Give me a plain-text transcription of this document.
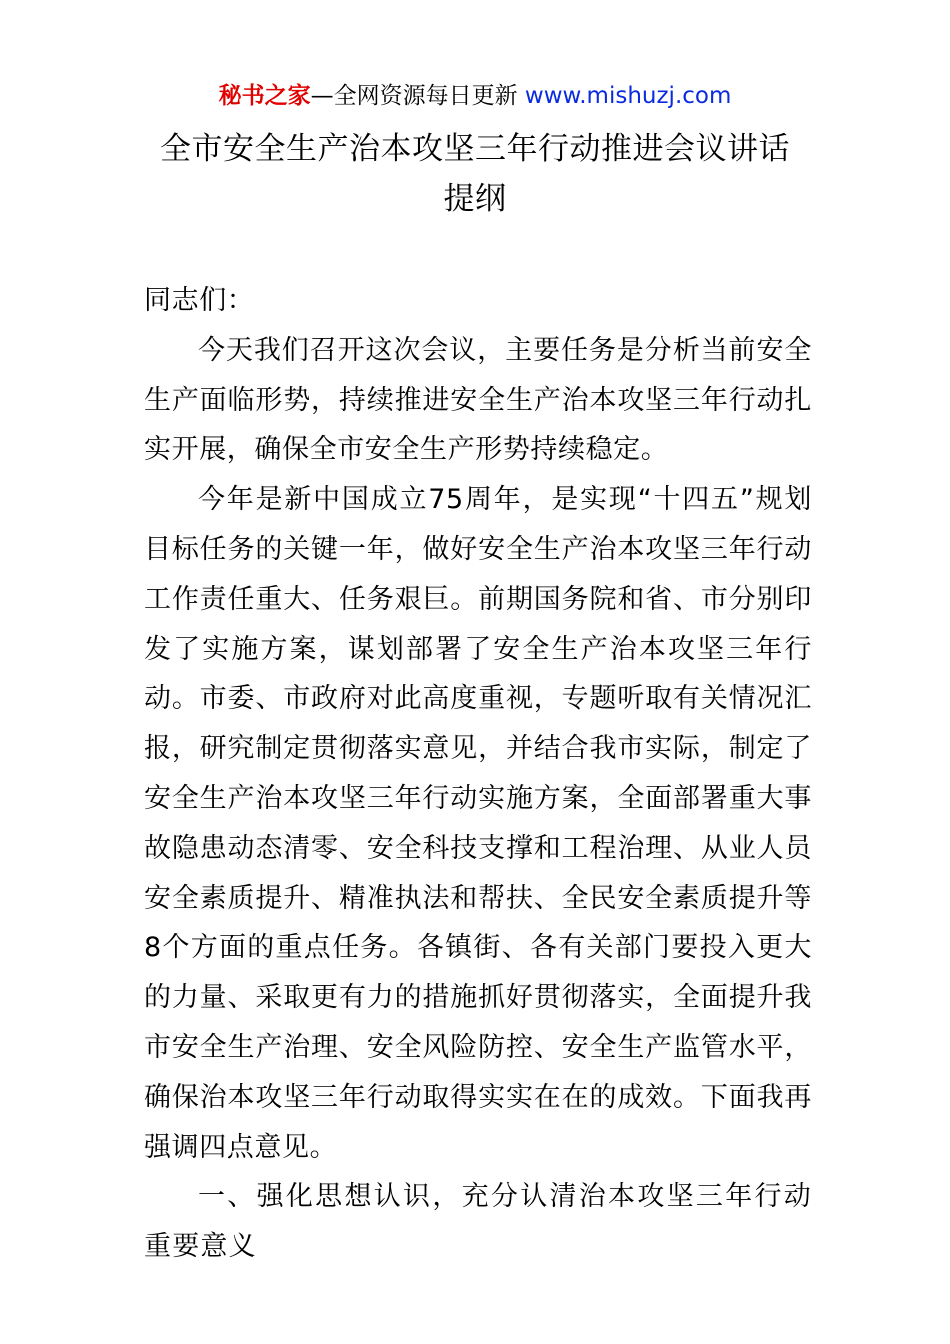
秘书之家—全网资源每日更新 www.mishuzj.com
全市安全生产治本攻坚三年行动推进会议讲话
提纲

同志们：

今天我们召开这次会议，主要任务是分析当前安全生产面临形势，持续推进安全生产治本攻坚三年行动扎实开展，确保全市安全生产形势持续稳定。

今年是新中国成立75周年，是实现“十四五”规划目标任务的关键一年，做好安全生产治本攻坚三年行动工作责任重大、任务艰巨。前期国务院和省、市分别印发了实施方案，谋划部署了安全生产治本攻坚三年行动。市委、市政府对此高度重视，专题听取有关情况汇报，研究制定贯彻落实意见，并结合我市实际，制定了安全生产治本攻坚三年行动实施方案，全面部署重大事故隐患动态清零、安全科技支撑和工程治理、从业人员安全素质提升、精准执法和帮扶、全民安全素质提升等8个方面的重点任务。各镇街、各有关部门要投入更大的力量、采取更有力的措施抓好贯彻落实，全面提升我市安全生产治理、安全风险防控、安全生产监管水平，确保治本攻坚三年行动取得实实在在的成效。下面我再强调四点意见。

一、强化思想认识，充分认清治本攻坚三年行动重要意义
